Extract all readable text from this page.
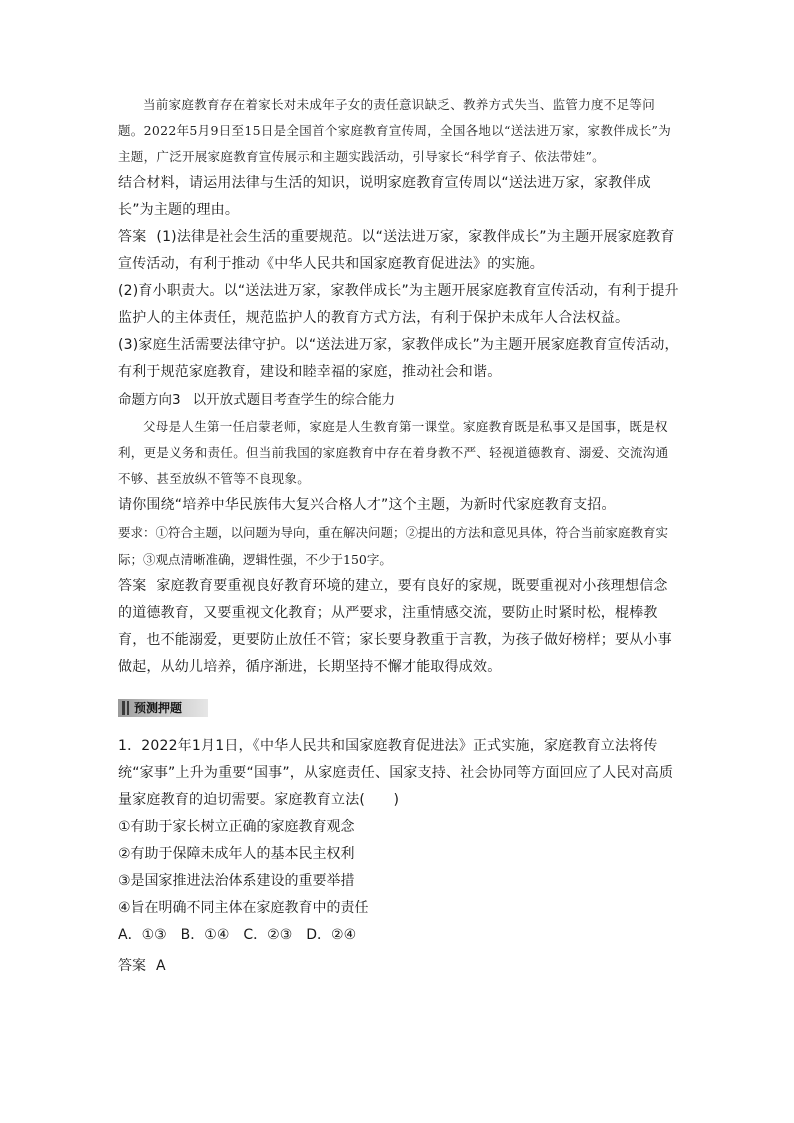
当前家庭教育存在着家长对未成年子女的责任意识缺乏、教养方式失当、监管力度不足等问题。2022年5月9日至15日是全国首个家庭教育宣传周，全国各地以“送法进万家，家教伴成长”为主题，广泛开展家庭教育宣传展示和主题实践活动，引导家长“科学育子、依法带娃”。

结合材料，请运用法律与生活的知识，说明家庭教育宣传周以“送法进万家，家教伴成长”为主题的理由。

答案 (1)法律是社会生活的重要规范。以“送法进万家，家教伴成长”为主题开展家庭教育宣传活动，有利于推动《中华人民共和国家庭教育促进法》的实施。

(2)育小职责大。以“送法进万家，家教伴成长”为主题开展家庭教育宣传活动，有利于提升监护人的主体责任，规范监护人的教育方式方法，有利于保护未成年人合法权益。

(3)家庭生活需要法律守护。以“送法进万家，家教伴成长”为主题开展家庭教育宣传活动，有利于规范家庭教育，建设和睦幸福的家庭，推动社会和谐。

命题方向3 以开放式题目考查学生的综合能力

父母是人生第一任启蒙老师，家庭是人生教育第一课堂。家庭教育既是私事又是国事，既是权利，更是义务和责任。但当前我国的家庭教育中存在着身教不严、轻视道德教育、溺爱、交流沟通不够、甚至放纵不管等不良现象。

请你围绕“培养中华民族伟大复兴合格人才”这个主题，为新时代家庭教育支招。

要求：①符合主题，以问题为导向，重在解决问题；②提出的方法和意见具体，符合当前家庭教育实际；③观点清晰准确，逻辑性强，不少于150字。

答案 家庭教育要重视良好教育环境的建立，要有良好的家规，既要重视对小孩理想信念的道德教育，又要重视文化教育；从严要求，注重情感交流，要防止时紧时松，棍棒教育，也不能溺爱，更要防止放任不管；家长要身教重于言教，为孩子做好榜样；要从小事做起，从幼儿培养，循序渐进，长期坚持不懈才能取得成效。

预测押题

1．2022年1月1日，《中华人民共和国家庭教育促进法》正式实施，家庭教育立法将传统“家事”上升为重要“国事”，从家庭责任、国家支持、社会协同等方面回应了人民对高质量家庭教育的迫切需要。家庭教育立法(　　)

①有助于家长树立正确的家庭教育观念

②有助于保障未成年人的基本民主权利

③是国家推进法治体系建设的重要举措

④旨在明确不同主体在家庭教育中的责任

A．①③　B．①④　C．②③　D．②④

答案 A
